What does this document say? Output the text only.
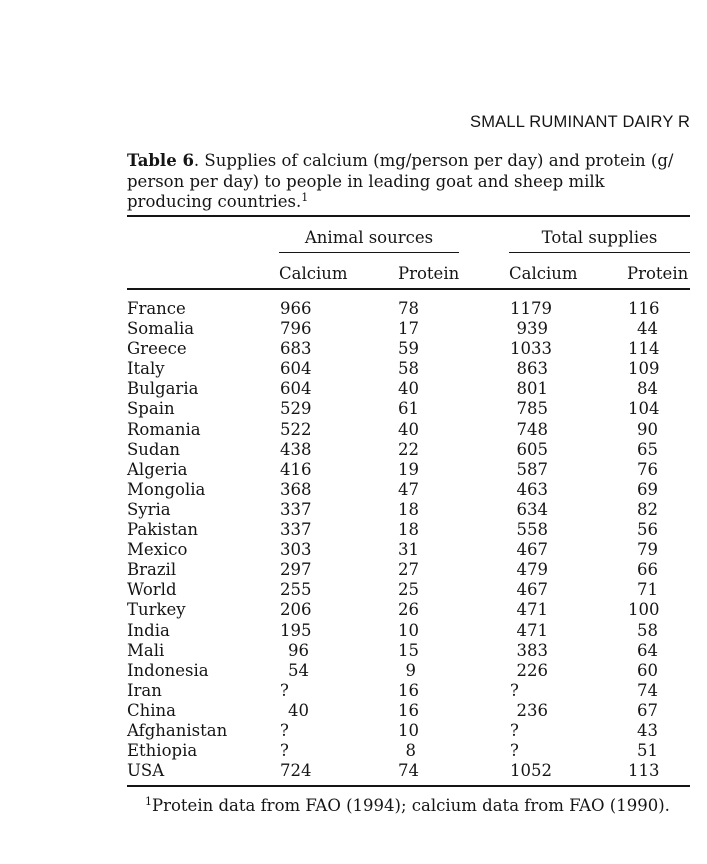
SMALL RUMINANT DAIRY R
Table 6. Supplies of calcium (mg/person per day) and protein (g/ person per day) to people in leading goat and sheep milk producing countries.$^1$
Animal sources	Total supplies
Calcium	Protein	Calcium	Protein
France	966	78	1179	116
Somalia	796	17	939	44
Greece	683	59	1033	114
Italy	604	58	863	109
Bulgaria	604	40	801	84
Spain	529	61	785	104
Romania	522	40	748	90
Sudan	438	22	605	65
Algeria	416	19	587	76
Mongolia	368	47	463	69
Syria	337	18	634	82
Pakistan	337	18	558	56
Mexico	303	31	467	79
Brazil	297	27	479	66
World	255	25	467	71
Turkey	206	26	471	100
India	195	10	471	58
Mali	96	15	383	64
Indonesia	54	9	226	60
Iran	?	16	?	74
China	40	16	236	67
Afghanistan	?	10	?	43
Ethiopia	?	8	?	51
USA	724	74	1052	113
$^1$Protein data from FAO (1994); calcium data from FAO (1990).
